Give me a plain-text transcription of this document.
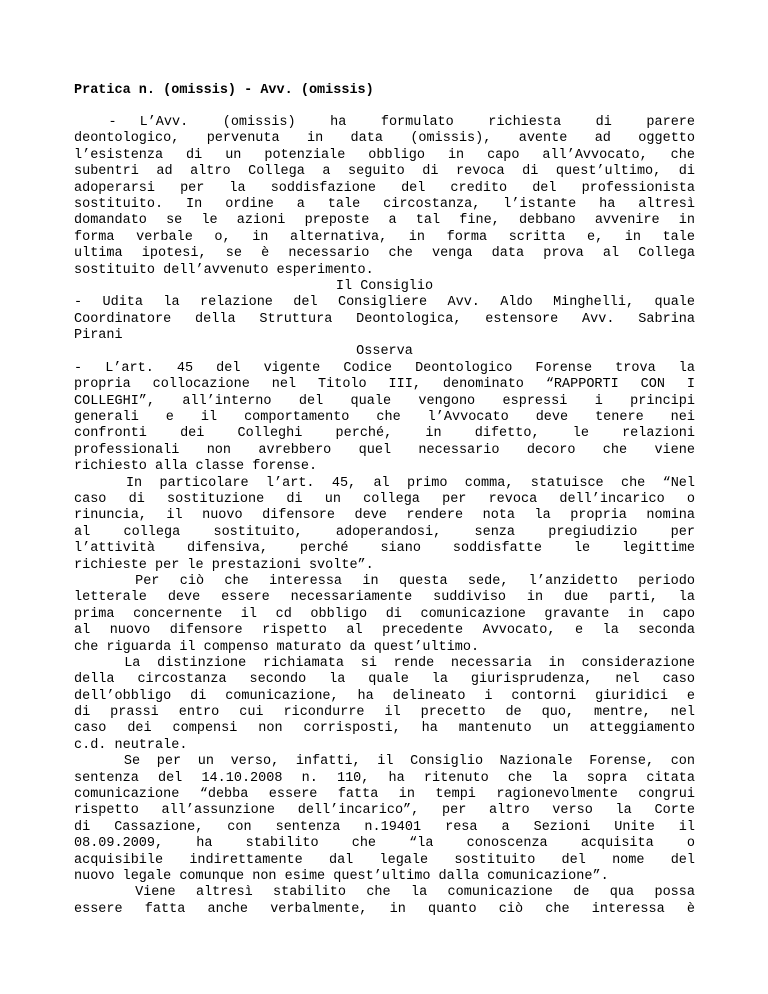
Pratica n. (omissis) - Avv. (omissis)
-  L’Avv.   (omissis)   ha   formulato   richiesta   di   parere
deontologico,  pervenuta  in  data  (omissis),  avente  ad  oggetto
l’esistenza di un potenziale obbligo in capo all’Avvocato, che
subentri ad altro Collega a seguito di revoca di quest’ultimo, di
adoperarsi per la soddisfazione del credito del professionista
sostituito. In ordine a tale circostanza, l’istante ha altresì
domandato se le azioni preposte a tal fine, debbano avvenire in
forma verbale o, in alternativa, in forma scritta e, in tale
ultima ipotesi, se è necessario che venga data prova al Collega
sostituito dell’avvenuto esperimento.
Il Consiglio
- Udita la relazione del Consigliere Avv. Aldo Minghelli, quale
Coordinatore della Struttura Deontologica, estensore Avv. Sabrina
Pirani
Osserva
- L’art. 45 del vigente Codice Deontologico Forense trova la
propria collocazione nel Titolo III, denominato “RAPPORTI CON I
COLLEGHI”, all’interno del quale vengono espressi i principi
generali e il comportamento che l’Avvocato deve tenere nei
confronti dei Colleghi perché, in difetto, le relazioni
professionali non avrebbero quel necessario decoro che viene
richiesto alla classe forense.
In particolare l’art. 45, al primo comma, statuisce che “Nel
caso di sostituzione di un collega per revoca dell’incarico o
rinuncia, il nuovo difensore deve rendere nota la propria nomina
al collega sostituito, adoperandosi, senza pregiudizio per
l’attività difensiva, perché siano soddisfatte le legittime
richieste per le prestazioni svolte”.
Per ciò che interessa in questa sede, l’anzidetto periodo
letterale deve essere necessariamente suddiviso in due parti, la
prima concernente il cd obbligo di comunicazione gravante in capo
al nuovo difensore rispetto al precedente Avvocato, e la seconda
che riguarda il compenso maturato da quest’ultimo.
La distinzione richiamata si rende necessaria in considerazione
della circostanza secondo la quale la giurisprudenza, nel caso
dell’obbligo di comunicazione, ha delineato i contorni giuridici e
di prassi entro cui ricondurre il precetto de quo, mentre, nel
caso dei compensi non corrisposti, ha mantenuto un atteggiamento
c.d. neutrale.
Se per un verso, infatti, il Consiglio Nazionale Forense, con
sentenza del 14.10.2008 n. 110, ha ritenuto che la sopra citata
comunicazione “debba essere fatta in tempi ragionevolmente congrui
rispetto all’assunzione dell’incarico”, per altro verso la Corte
di Cassazione, con sentenza n.19401 resa a Sezioni Unite il
08.09.2009, ha stabilito che “la conoscenza acquisita o
acquisibile indirettamente dal legale sostituito del nome del
nuovo legale comunque non esime quest’ultimo dalla comunicazione”.
Viene altresì stabilito che la comunicazione de qua possa
essere fatta anche verbalmente, in quanto ciò che interessa è
